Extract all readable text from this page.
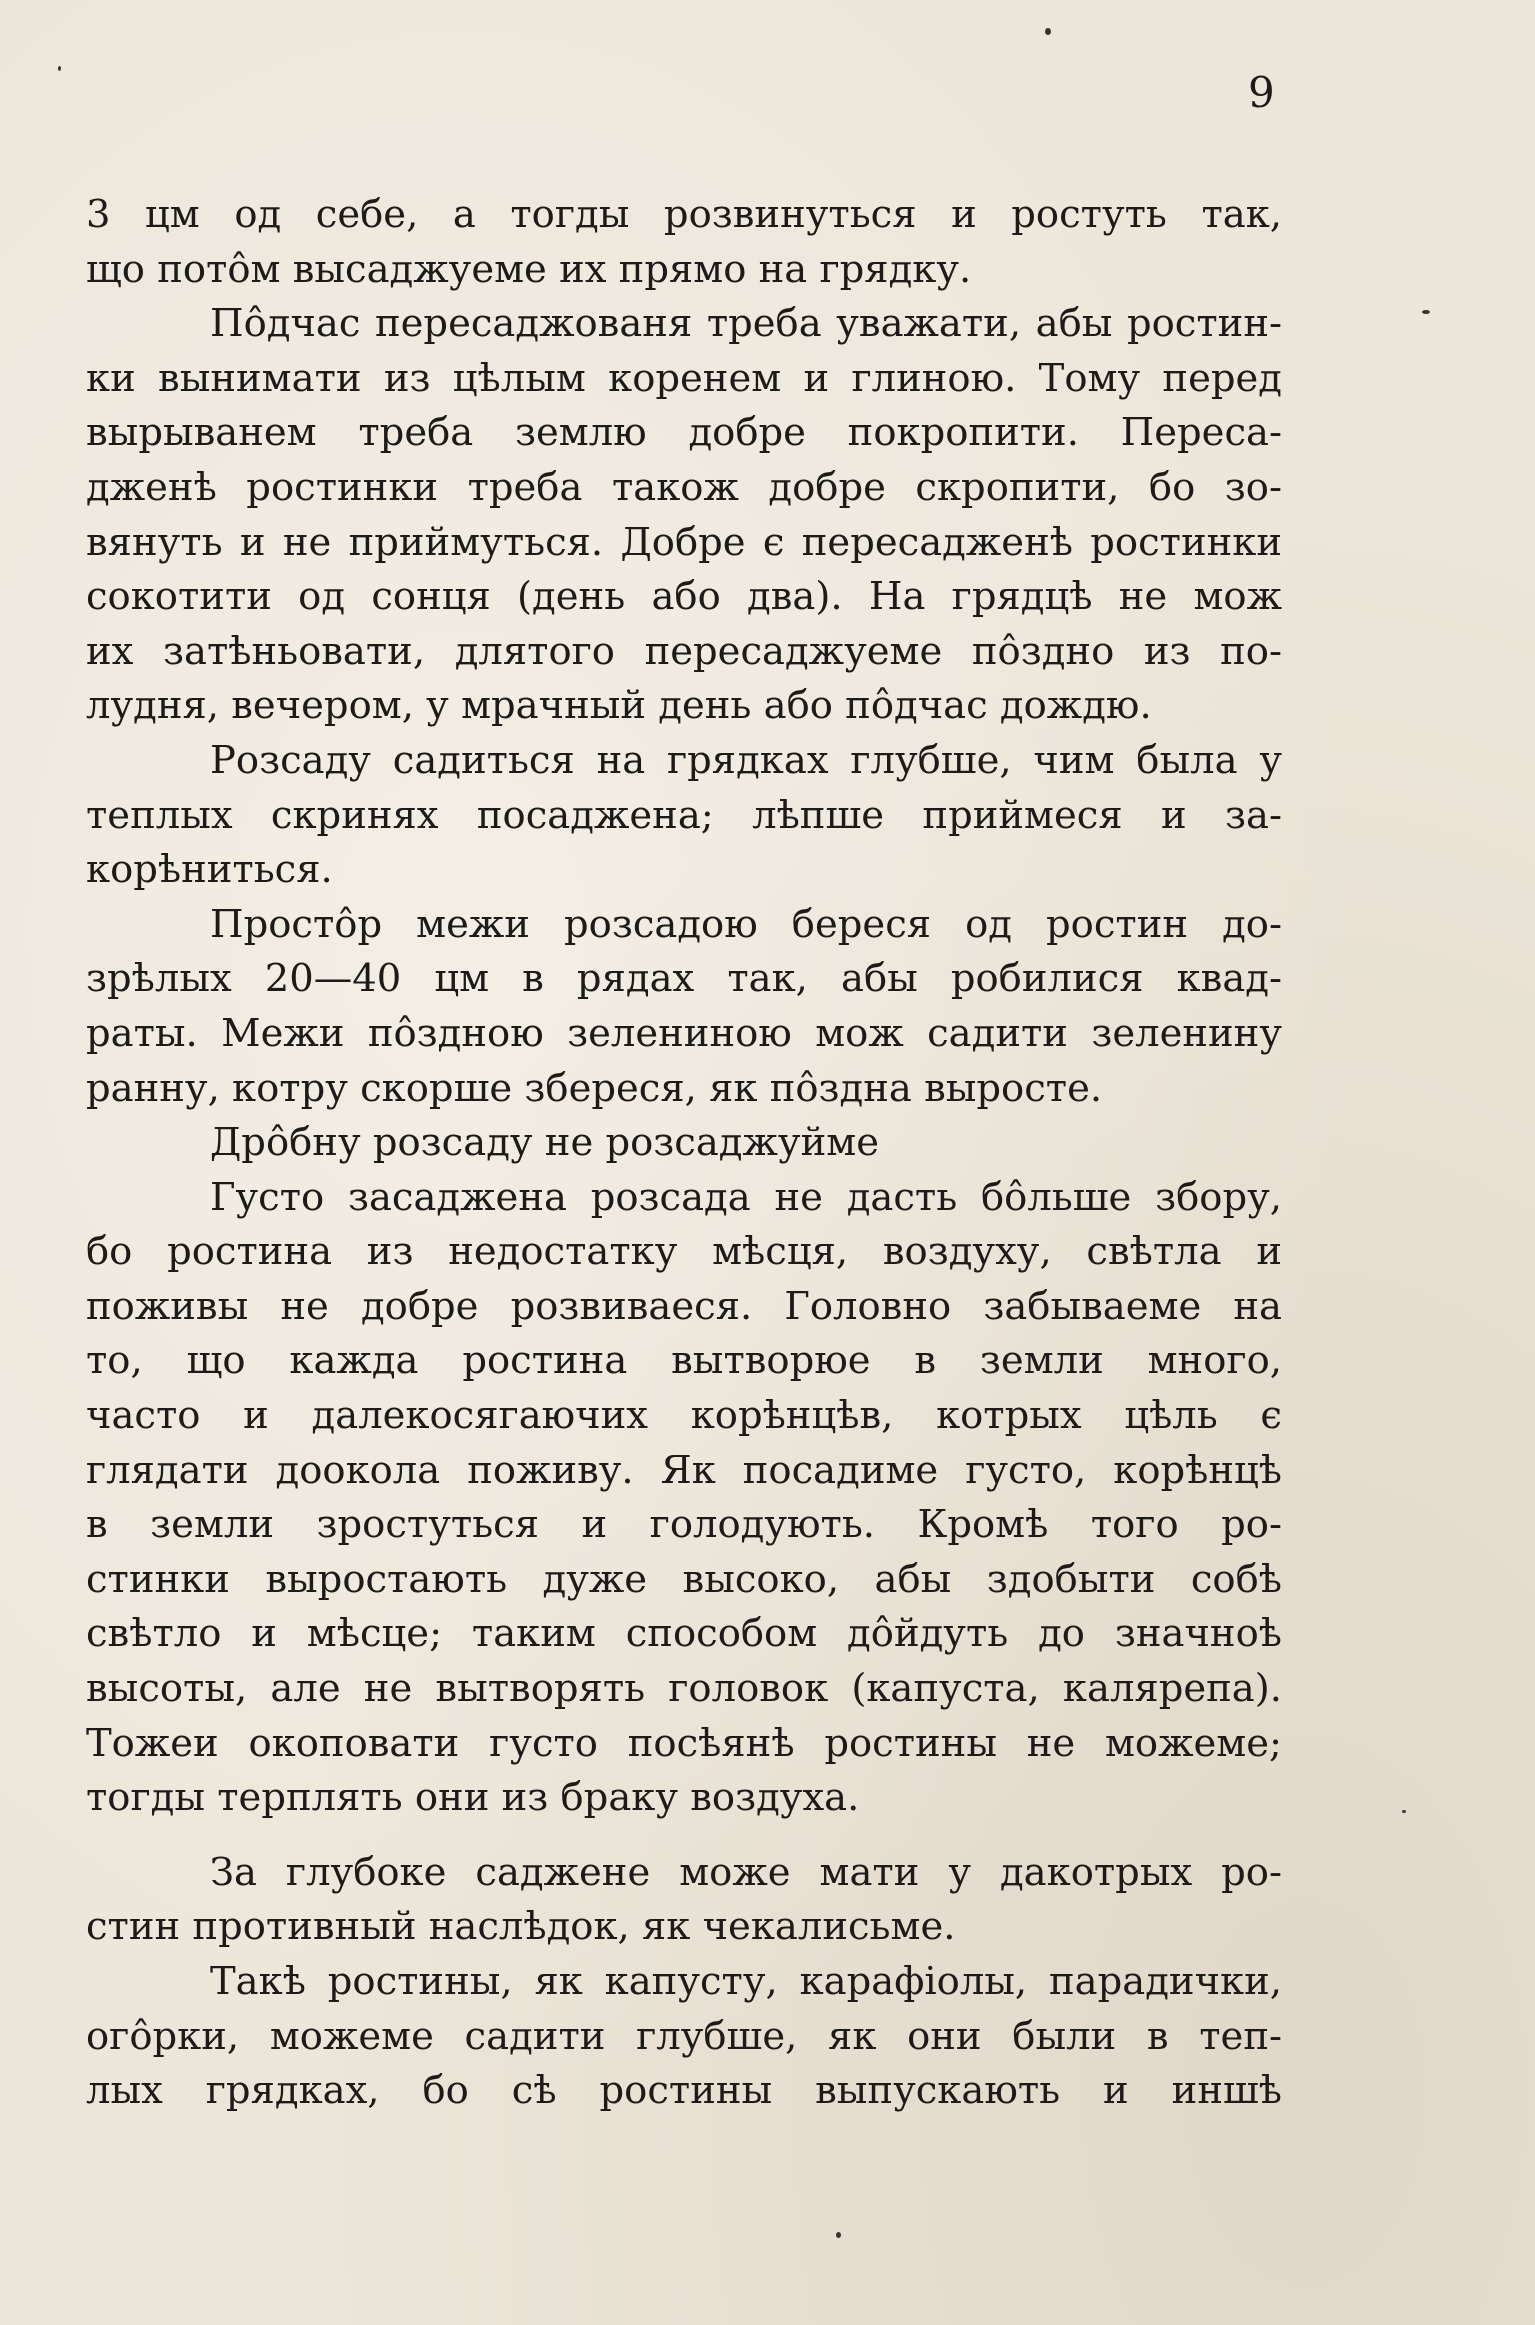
9
3 цм од себе, а тогды розвинуться и ростуть так,
що потôм высаджуеме их прямо на грядку.
Пôдчас пересаджованя треба уважати, абы ростин-
ки вынимати из цѣлым коренем и глиною. Тому перед
вырыванем треба землю добре покропити. Переса-
дженѣ ростинки треба також добре скропити, бо зо-
вянуть и не приймуться. Добре є пересадженѣ ростинки
сокотити од сонця (день або два). На грядцѣ не мож
их затѣньовати, длятого пересаджуеме пôздно из по-
лудня, вечером, у мрачный день або пôдчас дождю.
Розсаду садиться на грядках глубше, чим была у
теплых скринях посаджена; лѣпше приймеся и за-
корѣниться.
Просто̂р межи розсадою береся од ростин до-
зрѣлых 20—40 цм в рядах так, абы робилися квад-
раты. Межи пôздною зелениною мож садити зеленину
ранну, котру скорше збереся, як пôздна выросте.
Дрôбну розсаду не розсаджуйме
Густо засаджена розсада не дасть бôльше збору,
бо ростина из недостатку мѣсця, воздуху, свѣтла и
поживы не добре розвиваеся. Головно забываеме на
то, що кажда ростина вытворюе в земли много,
часто и далекосягаючих корѣнцѣв, котрых цѣль є
глядати доокола поживу. Як посадиме густо, корѣнцѣ
в земли зростуться и голодують. Кромѣ того ро-
стинки выростають дуже высоко, абы здобыти собѣ
свѣтло и мѣсце; таким способом дôйдуть до значноѣ
высоты, але не вытворять головок (капуста, калярепа).
Тожеи окоповати густо посѣянѣ ростины не можеме;
тогды терплять они из браку воздуха.
За глубоке саджене може мати у дакотрых ро-
стин противный наслѣдок, як чекалисьме.
Такѣ ростины, як капусту, карафіолы, парадички,
огôрки, можеме садити глубше, як они были в теп-
лых грядках, бо сѣ ростины выпускають и иншѣ
